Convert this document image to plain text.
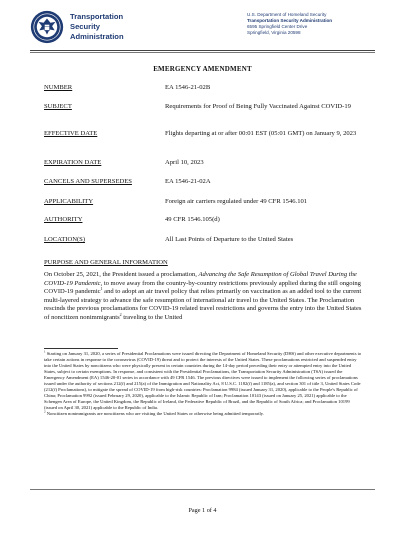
Transportation
Security
Administration
U.S. Department of Homeland Security
Transportation Security Administration
6595 Springfield Center Drive
Springfield, Virginia 20598
EMERGENCY AMENDMENT
NUMBER	EA 1546-21-02B
SUBJECT	Requirements for Proof of Being Fully Vaccinated Against COVID-19
EFFECTIVE DATE	Flights departing at or after 00:01 EST (05:01 GMT) on January 9, 2023
EXPIRATION DATE	April 10, 2023
CANCELS AND SUPERSEDES	EA 1546-21-02A
APPLICABILITY	Foreign air carriers regulated under 49 CFR 1546.101
AUTHORITY	49 CFR 1546.105(d)
LOCATION(S)	All Last Points of Departure to the United States
PURPOSE AND GENERAL INFORMATION

On October 25, 2021, the President issued a proclamation, Advancing the Safe Resumption of Global Travel During the COVID-19 Pandemic, to move away from the country-by-country restrictions previously applied during the still ongoing COVID-19 pandemic$^1$ and to adopt an air travel policy that relies primarily on vaccination as an added tool to the current multi-layered strategy to advance the safe resumption of international air travel to the United States. The Proclamation rescinds the previous proclamations for COVID-19 related travel restrictions and governs the entry into the United States of noncitizen nonimmigrants$^2$ traveling to the United

$^1$ Starting on January 31, 2020, a series of Presidential Proclamations were issued directing the Department of Homeland Security (DHS) and other executive departments to take certain actions in response to the coronavirus (COVID-19) threat and to protect the interests of the United States. These proclamations restricted and suspended entry into the United States by noncitizens who were physically present in certain countries during the 14-day period preceding their entry or attempted entry into the United States, subject to certain exemptions. In response, and consistent with the Presidential Proclamations, the Transportation Security Administration (TSA) issued the Emergency Amendment (EA) 1546-20-01 series in accordance with 49 CFR 1546. The previous directives were issued to implement the following series of proclamations issued under the authority of sections 212(f) and 215(a) of the Immigration and Nationality Act, 8 U.S.C. 1182(f) and 1185(a), and section 301 of title 3, United States Code (212(f) Proclamations), to mitigate the spread of COVID-19 from high-risk countries: Proclamation 9984 (issued January 31, 2020), applicable to the People's Republic of China; Proclamation 9992 (issued February 29, 2020), applicable to the Islamic Republic of Iran; Proclamation 10143 (issued on January 25, 2021) applicable to the Schengen Area of Europe, the United Kingdom, the Republic of Ireland, the Federative Republic of Brazil, and the Republic of South Africa; and Proclamation 10199 (issued on April 30, 2021) applicable to the Republic of India.

$^2$ Noncitizen nonimmigrants are noncitizens who are visiting the United States or otherwise being admitted temporarily.

Page 1 of 4
